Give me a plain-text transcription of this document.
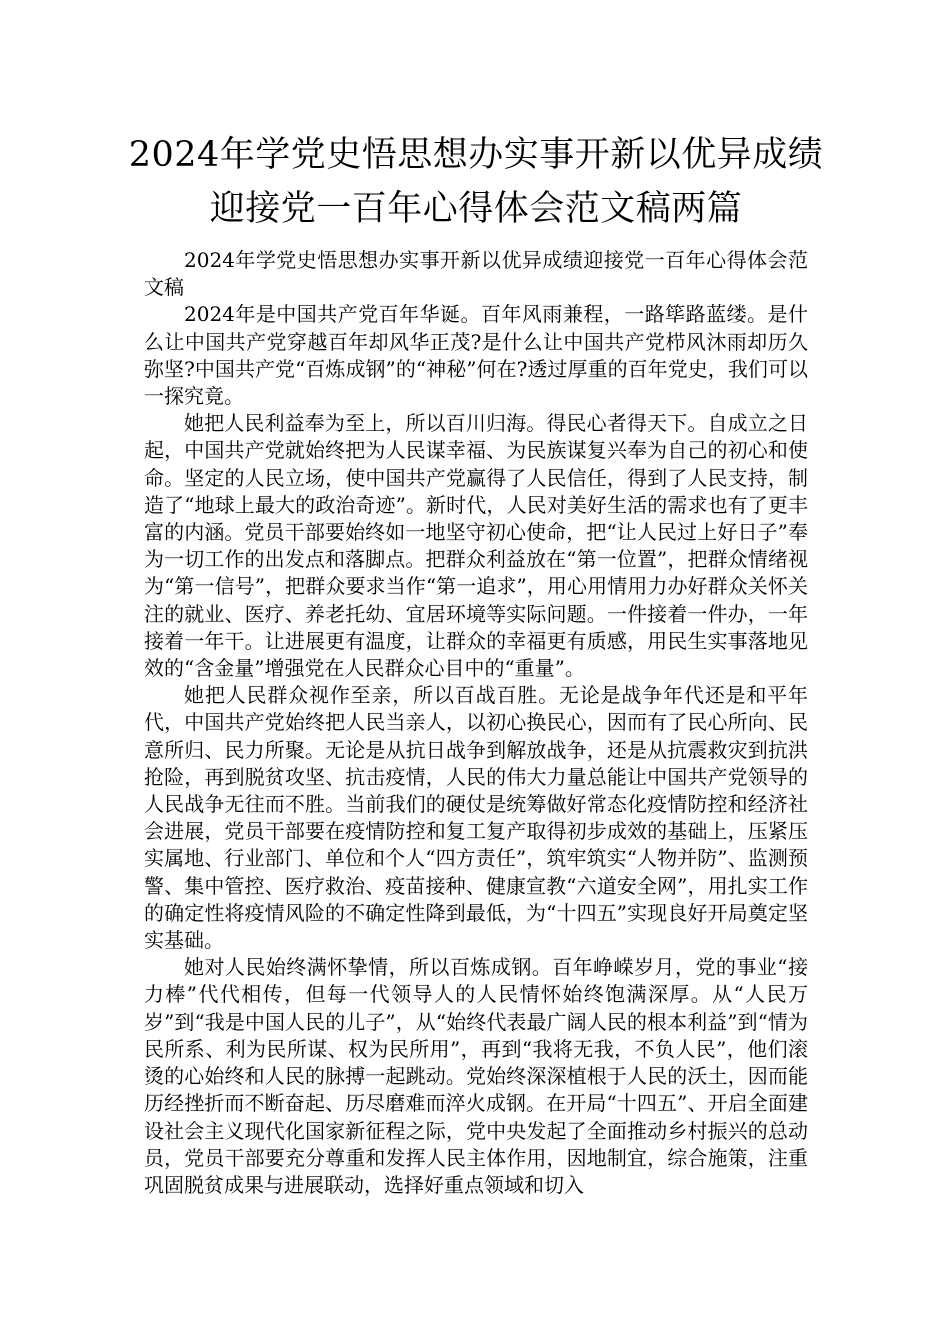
2024年学党史悟思想办实事开新以优异成绩迎接党一百年心得体会范文稿两篇

2024年学党史悟思想办实事开新以优异成绩迎接党一百年心得体会范文稿

2024年是中国共产党百年华诞。百年风雨兼程，一路筚路蓝缕。是什么让中国共产党穿越百年却风华正茂?是什么让中国共产党栉风沐雨却历久弥坚?中国共产党“百炼成钢”的“神秘”何在?透过厚重的百年党史，我们可以一探究竟。

她把人民利益奉为至上，所以百川归海。得民心者得天下。自成立之日起，中国共产党就始终把为人民谋幸福、为民族谋复兴奉为自己的初心和使命。坚定的人民立场，使中国共产党赢得了人民信任，得到了人民支持，制造了“地球上最大的政治奇迹”。新时代，人民对美好生活的需求也有了更丰富的内涵。党员干部要始终如一地坚守初心使命，把“让人民过上好日子”奉为一切工作的出发点和落脚点。把群众利益放在“第一位置”，把群众情绪视为“第一信号”，把群众要求当作“第一追求”，用心用情用力办好群众关怀关注的就业、医疗、养老托幼、宜居环境等实际问题。一件接着一件办，一年接着一年干。让进展更有温度，让群众的幸福更有质感，用民生实事落地见效的“含金量”增强党在人民群众心目中的“重量”。

她把人民群众视作至亲，所以百战百胜。无论是战争年代还是和平年代，中国共产党始终把人民当亲人，以初心换民心，因而有了民心所向、民意所归、民力所聚。无论是从抗日战争到解放战争，还是从抗震救灾到抗洪抢险，再到脱贫攻坚、抗击疫情，人民的伟大力量总能让中国共产党领导的人民战争无往而不胜。当前我们的硬仗是统筹做好常态化疫情防控和经济社会进展，党员干部要在疫情防控和复工复产取得初步成效的基础上，压紧压实属地、行业部门、单位和个人“四方责任”，筑牢筑实“人物并防”、监测预警、集中管控、医疗救治、疫苗接种、健康宣教“六道安全网”，用扎实工作的确定性将疫情风险的不确定性降到最低，为“十四五”实现良好开局奠定坚实基础。

她对人民始终满怀挚情，所以百炼成钢。百年峥嵘岁月，党的事业“接力棒”代代相传，但每一代领导人的人民情怀始终饱满深厚。从“人民万岁”到“我是中国人民的儿子”，从“始终代表最广阔人民的根本利益”到“情为民所系、利为民所谋、权为民所用”，再到“我将无我，不负人民”，他们滚烫的心始终和人民的脉搏一起跳动。党始终深深植根于人民的沃土，因而能历经挫折而不断奋起、历尽磨难而淬火成钢。在开局“十四五”、开启全面建设社会主义现代化国家新征程之际，党中央发起了全面推动乡村振兴的总动员，党员干部要充分尊重和发挥人民主体作用，因地制宜，综合施策，注重巩固脱贫成果与进展联动，选择好重点领域和切入
